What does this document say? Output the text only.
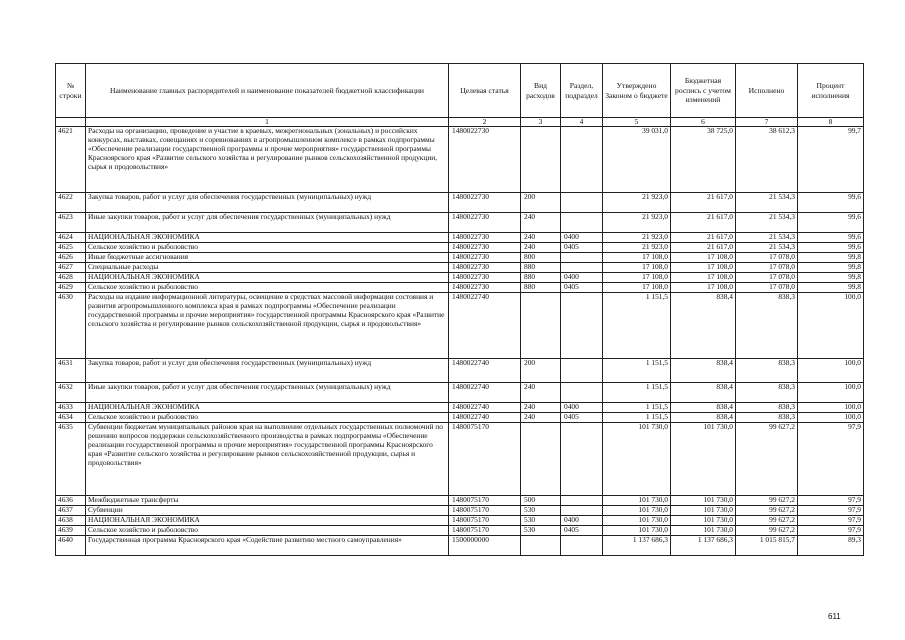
№ строки	Наименование главных распорядителей и наименование показателей бюджетной классификации	Целевая статья	Вид расходов	Раздел, подраздел	Утверждено Законом о бюджете	Бюджетная роспись с учетом изменений	Исполнено	Процент исполнения
	1	2	3	4	5	6	7	8
4621	Расходы на организацию, проведение и участие в краевых, межрегиональных (зональных) и российских конкурсах, выставках, совещаниях и соревнованиях в агропромышленном комплексе в рамках подпрограммы «Обеспечение реализации государственной программы и прочие мероприятия» государственной программы Красноярского края «Развитие сельского хозяйства и регулирование рынков сельскохозяйственной продукции, сырья и продовольствия»	1480022730			39 031,0	38 725,0	38 612,3	99,7
4622	Закупка товаров, работ и услуг для обеспечения государственных (муниципальных) нужд	1480022730	200		21 923,0	21 617,0	21 534,3	99,6
4623	Иные закупки товаров, работ и услуг для обеспечения государственных (муниципальных) нужд	1480022730	240		21 923,0	21 617,0	21 534,3	99,6
4624	НАЦИОНАЛЬНАЯ ЭКОНОМИКА	1480022730	240	0400	21 923,0	21 617,0	21 534,3	99,6
4625	Сельское хозяйство и рыболовство	1480022730	240	0405	21 923,0	21 617,0	21 534,3	99,6
4626	Иные бюджетные ассигнования	1480022730	800		17 108,0	17 108,0	17 078,0	99,8
4627	Специальные расходы	1480022730	880		17 108,0	17 108,0	17 078,0	99,8
4628	НАЦИОНАЛЬНАЯ ЭКОНОМИКА	1480022730	880	0400	17 108,0	17 108,0	17 078,0	99,8
4629	Сельское хозяйство и рыболовство	1480022730	880	0405	17 108,0	17 108,0	17 078,0	99,8
4630	Расходы на издание информационной литературы, освещение в средствах массовой информации состояния и развития агропромышленного комплекса края в рамках подпрограммы «Обеспечение реализации государственной программы и прочие мероприятия» государственной программы Красноярского края «Развитие сельского хозяйства и регулирование рынков сельскохозяйственной продукции, сырья и продовольствия»	1480022740			1 151,5	838,4	838,3	100,0
4631	Закупка товаров, работ и услуг для обеспечения государственных (муниципальных) нужд	1480022740	200		1 151,5	838,4	838,3	100,0
4632	Иные закупки товаров, работ и услуг для обеспечения государственных (муниципальных) нужд	1480022740	240		1 151,5	838,4	838,3	100,0
4633	НАЦИОНАЛЬНАЯ ЭКОНОМИКА	1480022740	240	0400	1 151,5	838,4	838,3	100,0
4634	Сельское хозяйство и рыболовство	1480022740	240	0405	1 151,5	838,4	838,3	100,0
4635	Субвенции бюджетам муниципальных районов края на выполнение отдельных государственных полномочий по решению вопросов поддержки сельскохозяйственного производства в рамках подпрограммы «Обеспечение реализации государственной программы и прочие мероприятия» государственной программы Красноярского края «Развитие сельского хозяйства и регулирование рынков сельскохозяйственной продукции, сырья и продовольствия»	1480075170			101 730,0	101 730,0	99 627,2	97,9
4636	Межбюджетные трансферты	1480075170	500		101 730,0	101 730,0	99 627,2	97,9
4637	Субвенции	1480075170	530		101 730,0	101 730,0	99 627,2	97,9
4638	НАЦИОНАЛЬНАЯ ЭКОНОМИКА	1480075170	530	0400	101 730,0	101 730,0	99 627,2	97,9
4639	Сельское хозяйство и рыболовство	1480075170	530	0405	101 730,0	101 730,0	99 627,2	97,9
4640	Государственная программа Красноярского края «Содействие развитию местного самоуправления»	1500000000			1 137 686,3	1 137 686,3	1 015 815,7	89,3
611
